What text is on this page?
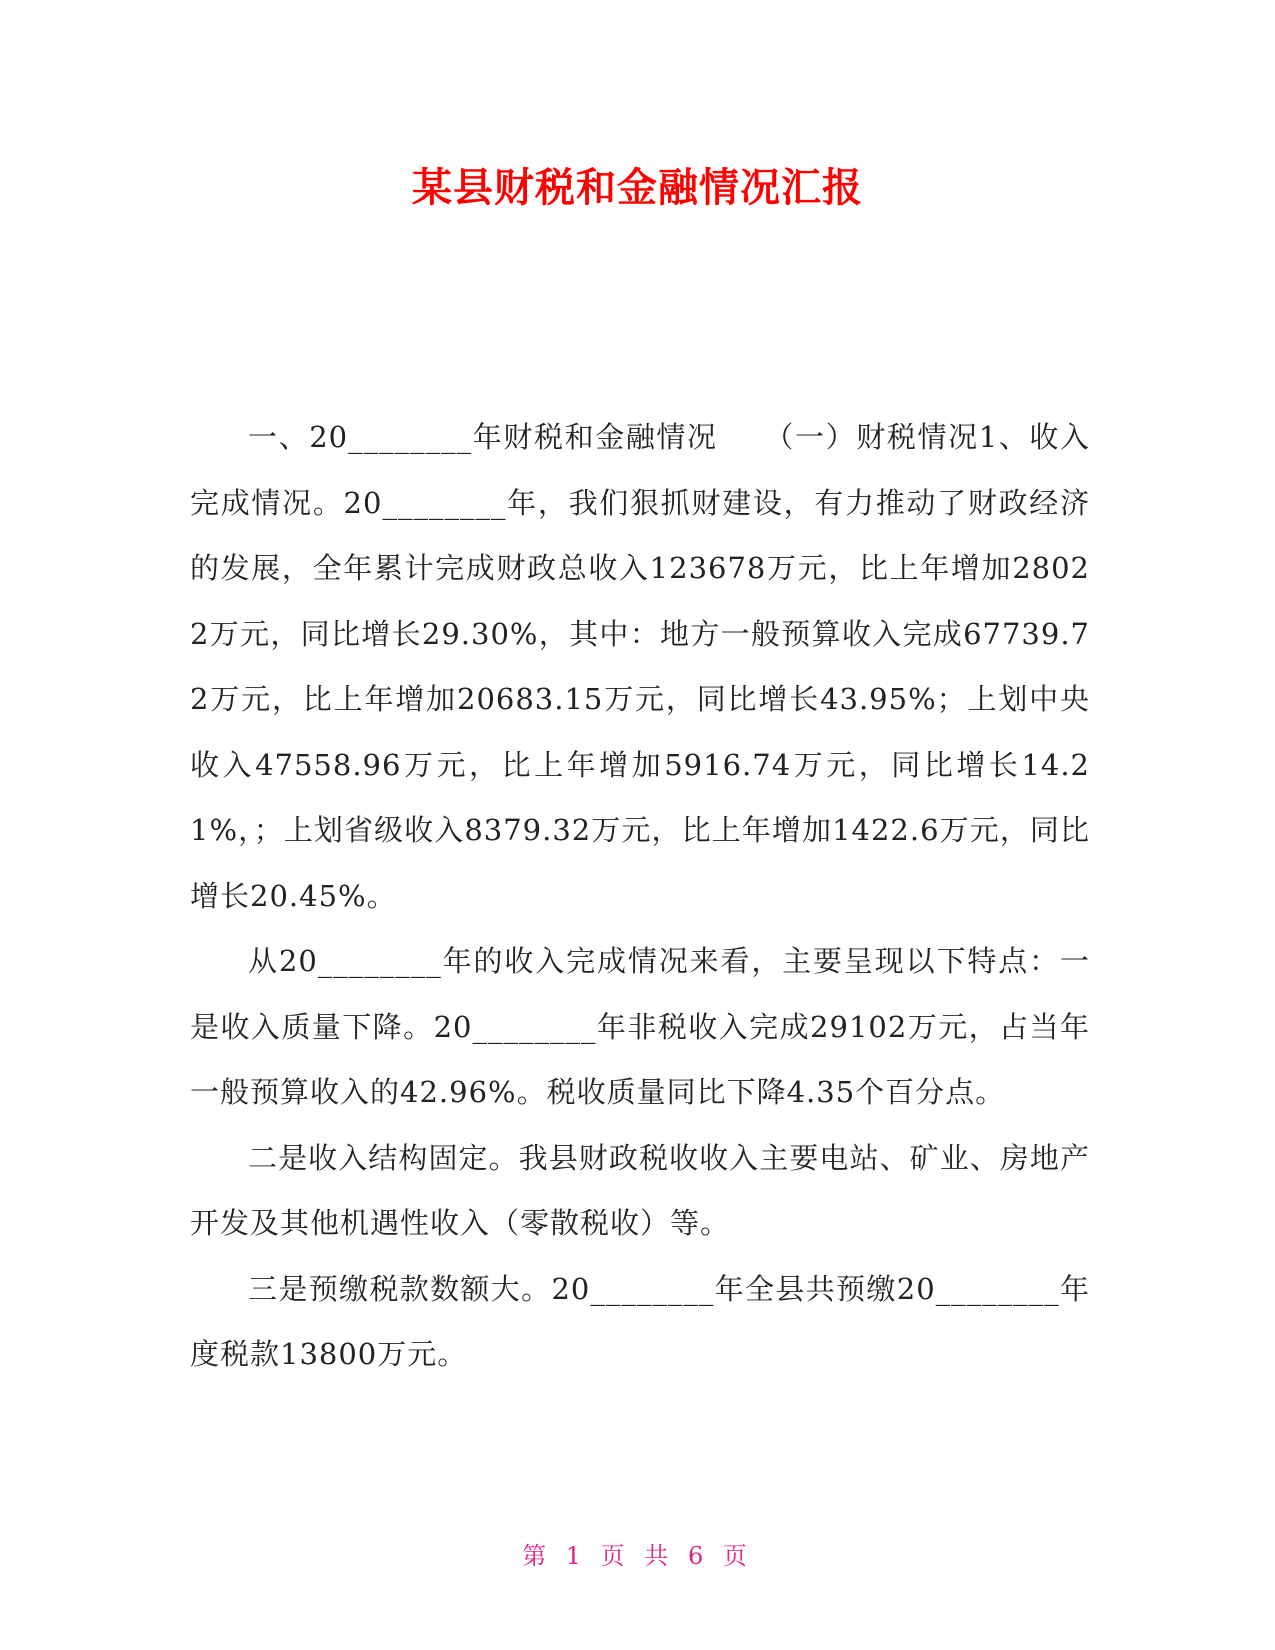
某县财税和金融情况汇报

一、20________年财税和金融情况　　（一）财税情况1、收入完成情况。20________年，我们狠抓财建设，有力推动了财政经济的发展，全年累计完成财政总收入123678万元，比上年增加28022万元，同比增长29.30%，其中：地方一般预算收入完成67739.72万元，比上年增加20683.15万元，同比增长43.95%；上划中央收入47558.96万元，比上年增加5916.74万元，同比增长14.21%，；上划省级收入8379.32万元，比上年增加1422.6万元，同比增长20.45%。

从20________年的收入完成情况来看，主要呈现以下特点：一是收入质量下降。20________年非税收入完成29102万元，占当年一般预算收入的42.96%。税收质量同比下降4.35个百分点。

二是收入结构固定。我县财政税收收入主要电站、矿业、房地产开发及其他机遇性收入（零散税收）等。

三是预缴税款数额大。20________年全县共预缴20________年度税款13800万元。

第 1 页 共 6 页
